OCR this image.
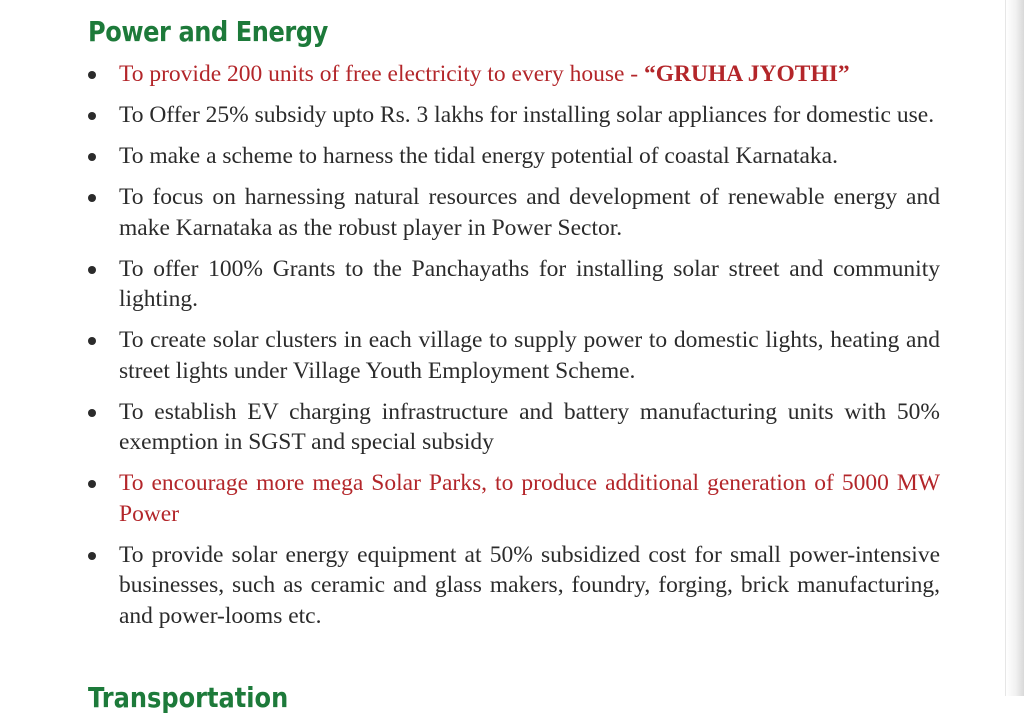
Power and Energy
To provide 200 units of free electricity to every house - “GRUHA JYOTHI”
To Offer 25% subsidy upto Rs. 3 lakhs for installing solar appliances for domestic use.
To make a scheme to harness the tidal energy potential of coastal Karnataka.
To focus on harnessing natural resources and development of renewable energy and make Karnataka as the robust player in Power Sector.
To offer 100% Grants to the Panchayaths for installing solar street and community lighting.
To create solar clusters in each village to supply power to domestic lights, heating and street lights under Village Youth Employment Scheme.
To establish EV charging infrastructure and battery manufacturing units with 50% exemption in SGST and special subsidy
To encourage more mega Solar Parks, to produce additional generation of 5000 MW Power
To provide solar energy equipment at 50% subsidized cost for small power-intensive businesses, such as ceramic and glass makers, foundry, forging, brick manufacturing, and power-looms etc.
Transportation
